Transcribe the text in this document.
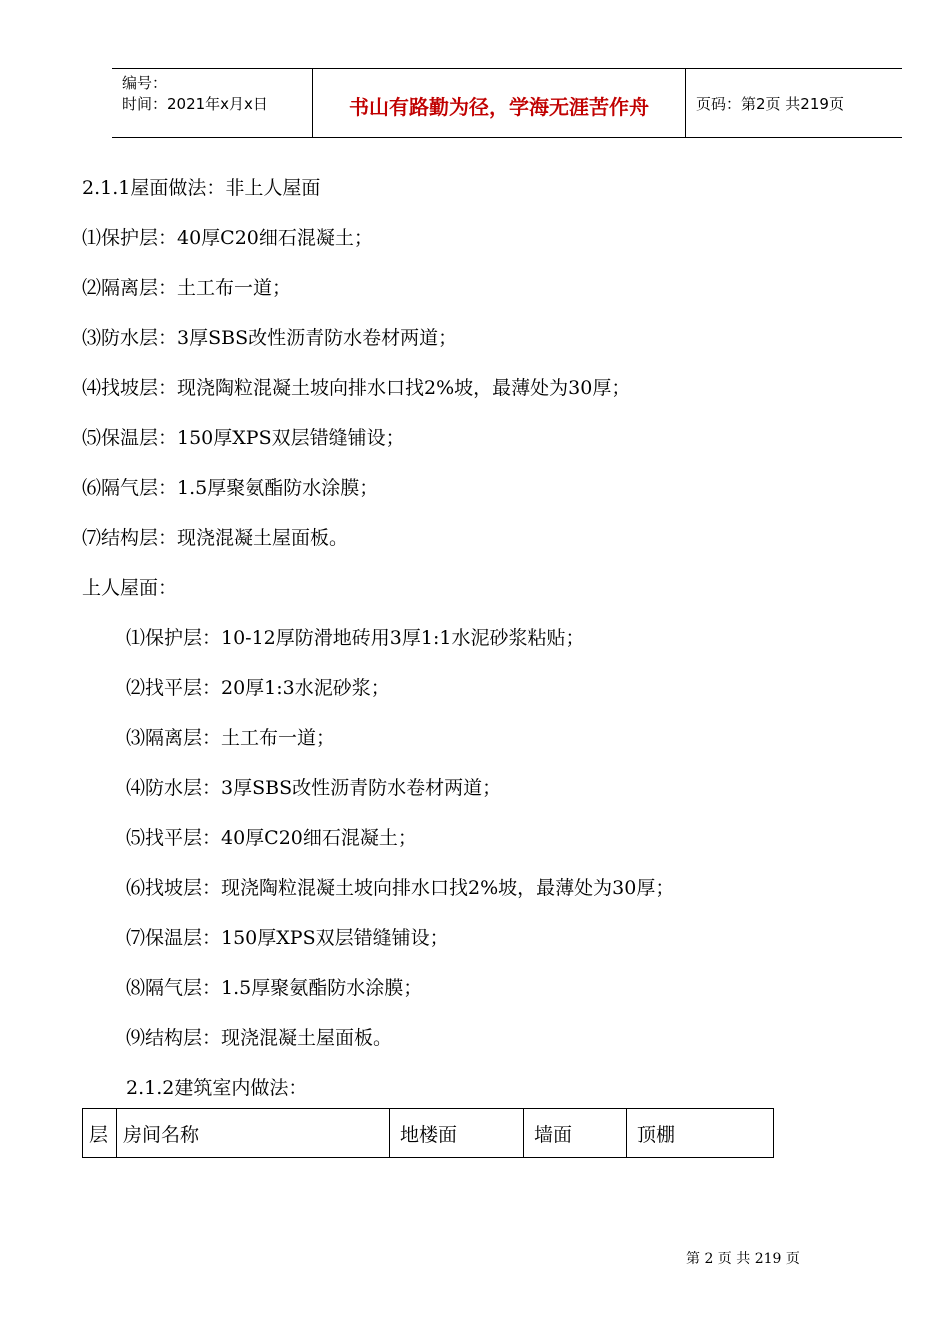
编号：
时间：2021年x月x日	书山有路勤为径，学海无涯苦作舟	页码：第2页 共219页
2.1.1屋面做法：非上人屋面
⑴保护层：40厚C20细石混凝土；
⑵隔离层：土工布一道；
⑶防水层：3厚SBS改性沥青防水卷材两道；
⑷找坡层：现浇陶粒混凝土坡向排水口找2%坡，最薄处为30厚；
⑸保温层：150厚XPS双层错缝铺设；
⑹隔气层：1.5厚聚氨酯防水涂膜；
⑺结构层：现浇混凝土屋面板。
上人屋面：
⑴保护层：10-12厚防滑地砖用3厚1:1水泥砂浆粘贴；
⑵找平层：20厚1:3水泥砂浆；
⑶隔离层：土工布一道；
⑷防水层：3厚SBS改性沥青防水卷材两道；
⑸找平层：40厚C20细石混凝土；
⑹找坡层：现浇陶粒混凝土坡向排水口找2%坡，最薄处为30厚；
⑺保温层：150厚XPS双层错缝铺设；
⑻隔气层：1.5厚聚氨酯防水涂膜；
⑼结构层：现浇混凝土屋面板。
2.1.2建筑室内做法：
层	房间名称	地楼面	墙面	顶棚
第 2 页 共 219 页
